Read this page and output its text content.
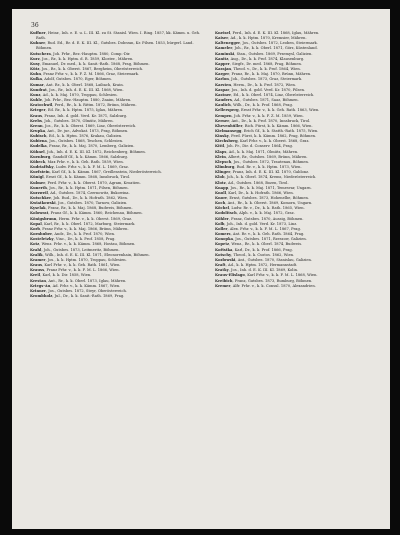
36

Kuffner, Heinr., Inh. e. E. u. L. III. Kl. zu St. Stanisl. Wien. I. Ring. 1857, kk. Kämm. u. Geh. Rath.

Kuhner, Rud. Ed., Rr. d. E. K. III. Kl., Gutsbes. Dobrzan, Kr. Pilsen. 1853, bürgerl. Land. Böhmen.

Kutschera, Joh. Frhr., Bez.-Hauptm. 1880, Comp.-Dir.

Kurz, Jos., Rr., k. k. Hptm. d. R. 1859, Kloster., Mähren.

Kusy, Emanuel, Dr. med., k. k. Sanit.-Rath. 1868, Prag, Böhmen.

Kütz, Jos., Rr., k. k. Oberst. 1867, Bergheim, Oberösterreich.

Kuhn, Franz Frhr. v., k. k. F. Z. M. 1866, Graz, Steiermark.

Kulka, Adolf, Gutsbes. 1870, Eger, Böhmen.

Kumar, Ant. Rr., k. k. Oberl. 1868, Laibach, Krain.

Kundrat, Jos., Rr., Inh. d. E. K. III. Kl. 1868, Wien.

Kunz, Ad., k. k. Maj. 1870, Troppau, Schlesien.

Kuhle, Joh. Frhr., Bez.-Hauptm. 1880, Znaim, Mähren.

Kratochwil, Ferd., Rr., k. k. Rittm. 1872, Brünn, Mähren.

Krieger, Ed. Rr., k. k. Hptm. 1875, Iglau, Mähren.

Kraus, Franz, Inh. d. gold. Verd. Kr. 1871, Salzburg.

Krebs, Joh., Gutsbes. 1870, Olmütz, Mähren.

Krenn, Jos., Rr., k. k. Oberst. 1869, Linz, Oberösterreich.

Krupka, Ant., Dr. jur., Advokat. 1873, Prag, Böhmen.

Kubisch, Ed., k. k. Hptm. 1876, Krakau, Galizien.

Kubiena, Jos., Gutsbes. 1868, Teschen, Schlesien.

Kudelka, Franz, Rr., k. k. Maj. 1870, Lemberg, Galizien.

Kühnel, Joh., Inh. d. E. K. III. Kl. 1872, Reichenberg, Böhmen.

Kuenburg, Gandolf Gf., k. k. Kämm. 1866, Salzburg.

Kübeck, Max Frhr. v., k. k. Geh. Rath. 1859, Wien.

Kudriaffsky, Ludw. Frhr. v., k. k. F. M. L. 1869, Graz.

Kuefstein, Karl Gf., k. k. Kämm. 1867, Greillenstein, Niederösterreich.

Künigl, Ernst Gf., k. k. Kämm. 1868, Innsbruck, Tirol.

Kulmer, Ferd. Frhr. v., k. k. Oberst. 1870, Agram, Kroatien.

Kunerth, Jos., Rr., k. k. Hptm. 1871, Pilsen, Böhmen.

Kurzweil, Ad., Gutsbes. 1874, Czernowitz, Bukowina.

Kutschker, Joh. Rud., Dr., k. k. Hofrath. 1862, Wien.

Kwiatkowski, Jos., Gutsbes. 1870, Tarnow, Galizien.

Kyselak, Franz, Rr., k. k. Maj. 1868, Budweis, Böhmen.

Kolowrat, Franz Gf., k. k. Kämm. 1860, Reichenau, Böhmen.

Königsbrunn, Herm. Frhr. v., k. k. Oberst. 1869, Graz.

Kopal, Karl, Rr., k. k. Oberl. 1872, Marburg, Steiermark.

Korb, Franz Frhr. v., k. k. Maj. 1866, Brünn, Mähren.

Kornhuber, Andr., Dr., k. k. Prof. 1870, Wien.

Kosteletzky, Vinc., Dr., k. k. Prof. 1858, Prag.

Kotz, Wenz. Frhr. v., k. k. Kämm. 1868, Hostau, Böhmen.

Krahl, Joh., Gutsbes. 1873, Leitmeritz, Böhmen.

Kralik, Wilh., Inh. d. E. K. III. Kl. 1871, Eleonorenhain, Böhmen.

Kramer, Jos., k. k. Hptm. 1870, Troppau, Schlesien.

Kraus, Karl Frhr. v., k. k. Geh. Rath. 1861, Wien.

Krauss, Franz Frhr. v., k. k. F. M. L. 1866, Wien.

Kreil, Karl, k. k. Dir. 1858, Wien.

Krestan, Ant., Rr., k. k. Oberl. 1873, Iglau, Mähren.

Kriegs-Au, Ad. Frhr. v., k. k. Kämm. 1867, Wien.

Krinner, Jos., Gutsbes. 1872, Steyr, Oberösterreich.

Krombholz, Jul., Dr., k. k. Sanit.-Rath. 1869, Prag.

Kneisel, Ferd., Inh. d. E. K. III. Kl. 1868, Iglau, Mähren.

Kaiser, Ad., k. k. Hptm. 1870, Kremsier, Mähren.

Kaltenegger, Jos., Gutsbes. 1872, Leoben, Steiermark.

Kameler, Joh., Rr., k. k. Oberl. 1871, Görz, Küstenland.

Kaminski, Stan., Gutsbes. 1869, Przemysl, Galizien.

Kanitz, Aug., Dr., k. k. Prof. 1874, Klausenburg.

Kapper, Siegfr., Dr. med. 1868, Prag, Böhmen.

Karajan, Theod. v., Dr., k. k. Prof. 1864, Wien.

Karger, Franz, Rr., k. k. Maj. 1870, Brünn, Mähren.

Karlon, Joh., Gutsbes. 1873, Graz, Steiermark.

Karsten, Herm., Dr., k. k. Prof. 1872, Wien.

Kaspar, Jos., Inh. d. gold. Verd. Kr. 1870, Pilsen.

Kastner, Ed., k. k. Oberl. 1874, Linz, Oberösterreich.

Kauders, Ad., Gutsbes. 1871, Saaz, Böhmen.

Kaulich, Wilh., Dr., k. k. Prof. 1868, Prag.

Kellersperg, Ernst Frhr. v., k. k. Geh. Rath. 1863, Wien.

Kempen, Joh. Frhr. v., k. k. F. Z. M. 1859, Wien.

Kerner, Ant., Dr., k. k. Prof. 1870, Innsbruck, Tirol.

Khevenhüller, Rich. Fürst, k. k. Kämm. 1866, Wien.

Kielmansegg, Erich Gf., k. k. Statth.-Rath. 1875, Wien.

Kinsky, Ferd. Fürst, k. k. Kämm. 1862, Prag, Böhmen.

Kirchsberg, Karl Frhr. v., k. k. Oberst. 1868, Graz.

Kittl, Joh. Fr., Dir. d. Conserv. 1864, Prag.

Klaps, Ad., k. k. Maj. 1871, Olmütz, Mähren.

Klein, Albert, Rr., Gutsbes. 1869, Brünn, Mähren.

Klepsch, Jos., Gutsbes. 1872, Trautenau, Böhmen.

Klimburg, Rud. Rr. v., k. k. Hptm. 1873, Wien.

Klinger, Franz, Inh. d. E. K. III. Kl. 1870, Gablonz.

Klob, Joh., k. k. Oberl. 1874, Krems, Niederösterreich.

Klotz, Ad., Gutsbes. 1868, Bozen, Tirol.

Knapp, Jos., Rr., k. k. Maj. 1871, Temesvar, Ungarn.

Knoll, Karl, Dr., k. k. Hofrath. 1866, Wien.

Knorr, Ernst, Gutsbes. 1873, Hohenelbe, Böhmen.

Koch, Ant., Rr., k. k. Oberst. 1869, Komorn, Ungarn.

Köchel, Ludw. Rr. v., Dr., k. k. Rath. 1865, Wien.

Kodolitsch, Alph. v., k. k. Maj. 1872, Graz.

Köhler, Franz, Gutsbes. 1870, Aussig, Böhmen.

Kolb, Joh., Inh. d. gold. Verd. Kr. 1873, Linz.

Koller, Alex. Frhr. v., k. k. F. M. L. 1867, Prag.

Komers, Ant. Rr. v., k. k. Geh. Rath. 1864, Prag.

Konopka, Jos., Gutsbes. 1871, Rzeszow, Galizien.

Kopetz, Wenz., Rr., k. k. Oberl. 1874, Budweis.

Kořistka, Karl, Dr., k. k. Prof. 1866, Prag.

Kotschy, Theod., k. k. Custos. 1862, Wien.

Kozlowski, Ant., Gutsbes. 1870, Stanislau, Galizien.

Kraft, Ad., k. k. Hptm. 1872, Hermannstadt.

Kratky, Jos., Inh. d. E. K. III. Kl. 1869, Kolin.

Kraus-Elislago, Karl Frhr. v., k. k. F. M. L. 1868, Wien.

Kreibich, Franz, Gutsbes. 1873, Rumburg, Böhmen.

Kremer, Alfr. Frhr. v., k. k. Consul. 1870, Alexandrien.
